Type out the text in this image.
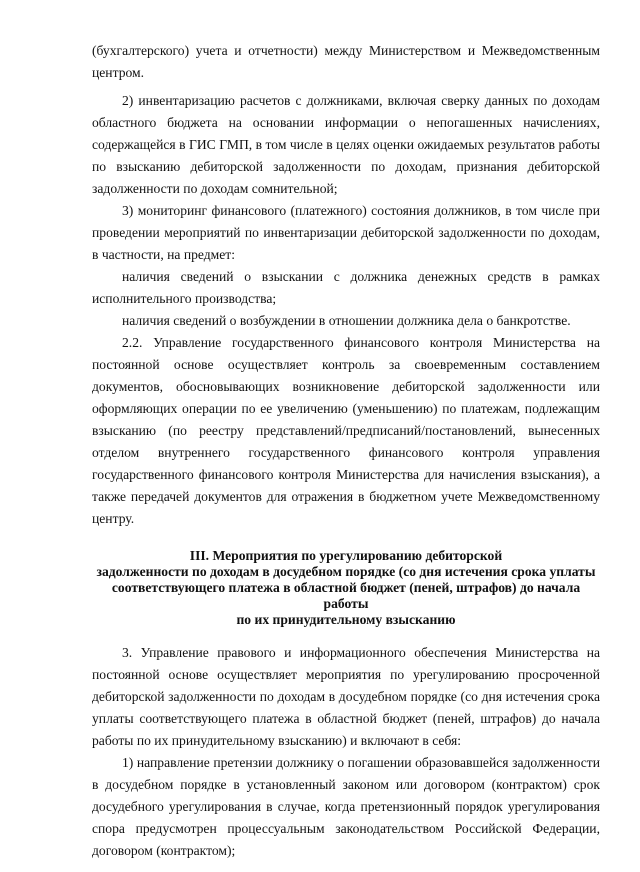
(бухгалтерского) учета и отчетности) между Министерством и Межведомственным центром.

2) инвентаризацию расчетов с должниками, включая сверку данных по доходам областного бюджета на основании информации о непогашенных начислениях, содержащейся в ГИС ГМП, в том числе в целях оценки ожидаемых результатов работы по взысканию дебиторской задолженности по доходам, признания дебиторской задолженности по доходам сомнительной;

3) мониторинг финансового (платежного) состояния должников, в том числе при проведении мероприятий по инвентаризации дебиторской задолженности по доходам, в частности, на предмет:

наличия сведений о взыскании с должника денежных средств в рамках исполнительного производства;

наличия сведений о возбуждении в отношении должника дела о банкротстве.

2.2. Управление государственного финансового контроля Министерства на постоянной основе осуществляет контроль за своевременным составлением документов, обосновывающих возникновение дебиторской задолженности или оформляющих операции по ее увеличению (уменьшению) по платежам, подлежащим взысканию (по реестру представлений/предписаний/постановлений, вынесенных отделом внутреннего государственного финансового контроля управления государственного финансового контроля Министерства для начисления взыскания), а также передачей документов для отражения в бюджетном учете Межведомственному центру.

III. Мероприятия по урегулированию дебиторской
задолженности по доходам в досудебном порядке (со дня истечения срока уплаты
соответствующего платежа в областной бюджет (пеней, штрафов) до начала работы
по их принудительному взысканию

3. Управление правового и информационного обеспечения Министерства на постоянной основе осуществляет мероприятия по урегулированию просроченной дебиторской задолженности по доходам в досудебном порядке (со дня истечения срока уплаты соответствующего платежа в областной бюджет (пеней, штрафов) до начала работы по их принудительному взысканию) и включают в себя:

1) направление претензии должнику о погашении образовавшейся задолженности в досудебном порядке в установленный законом или договором (контрактом) срок досудебного урегулирования в случае, когда претензионный порядок урегулирования спора предусмотрен процессуальным законодательством Российской Федерации, договором (контрактом);
